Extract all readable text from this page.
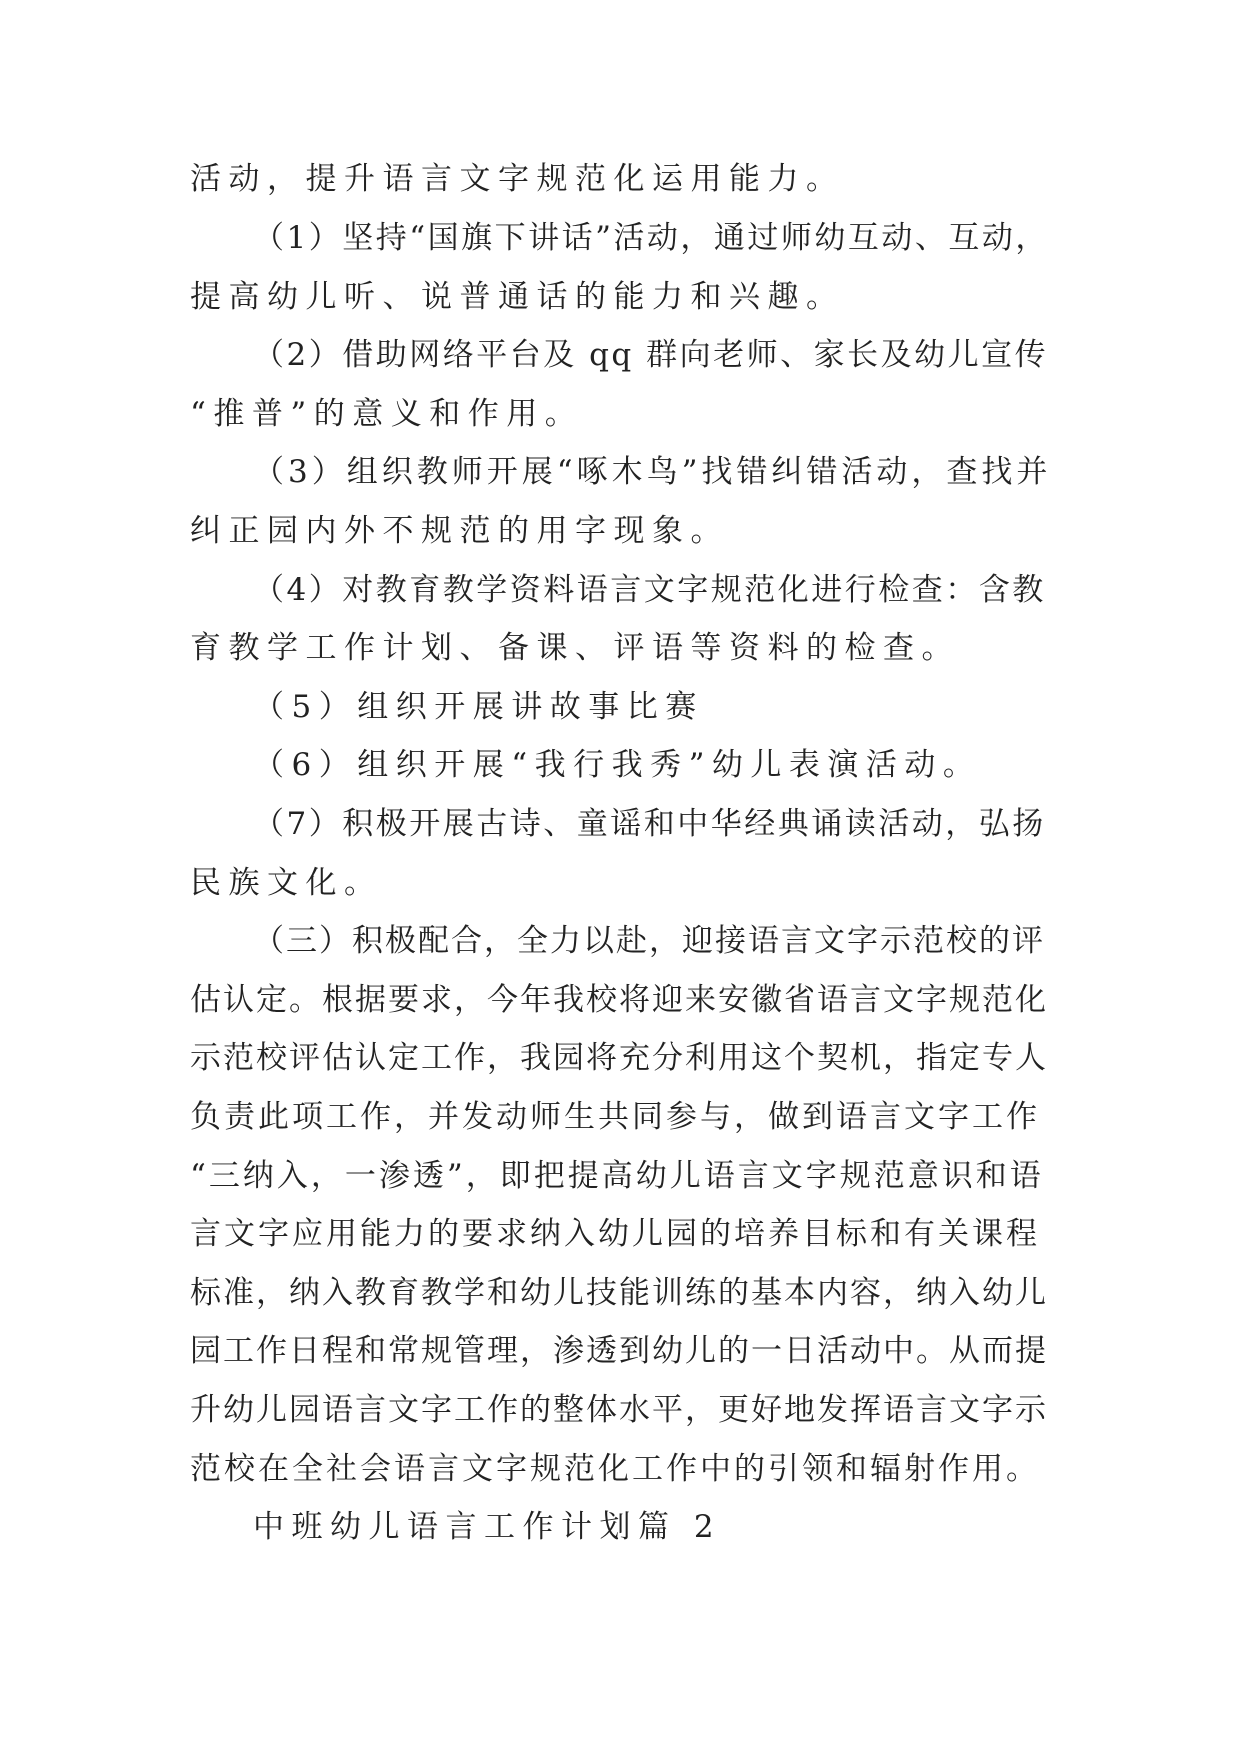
活动，提升语言文字规范化运用能力。
（1）坚持“国旗下讲话”活动，通过师幼互动、互动，
提高幼儿听、说普通话的能力和兴趣。
（2）借助网络平台及 qq 群向老师、家长及幼儿宣传
“推普”的意义和作用。
（3）组织教师开展“啄木鸟”找错纠错活动，查找并
纠正园内外不规范的用字现象。
（4）对教育教学资料语言文字规范化进行检查：含教
育教学工作计划、备课、评语等资料的检查。
（5）组织开展讲故事比赛
（6）组织开展“我行我秀”幼儿表演活动。
（7）积极开展古诗、童谣和中华经典诵读活动，弘扬
民族文化。
（三）积极配合，全力以赴，迎接语言文字示范校的评
估认定。根据要求，今年我校将迎来安徽省语言文字规范化
示范校评估认定工作，我园将充分利用这个契机，指定专人
负责此项工作，并发动师生共同参与，做到语言文字工作
“三纳入，一渗透”，即把提高幼儿语言文字规范意识和语
言文字应用能力的要求纳入幼儿园的培养目标和有关课程
标准，纳入教育教学和幼儿技能训练的基本内容，纳入幼儿
园工作日程和常规管理，渗透到幼儿的一日活动中。从而提
升幼儿园语言文字工作的整体水平，更好地发挥语言文字示
范校在全社会语言文字规范化工作中的引领和辐射作用。
中班幼儿语言工作计划篇 2
